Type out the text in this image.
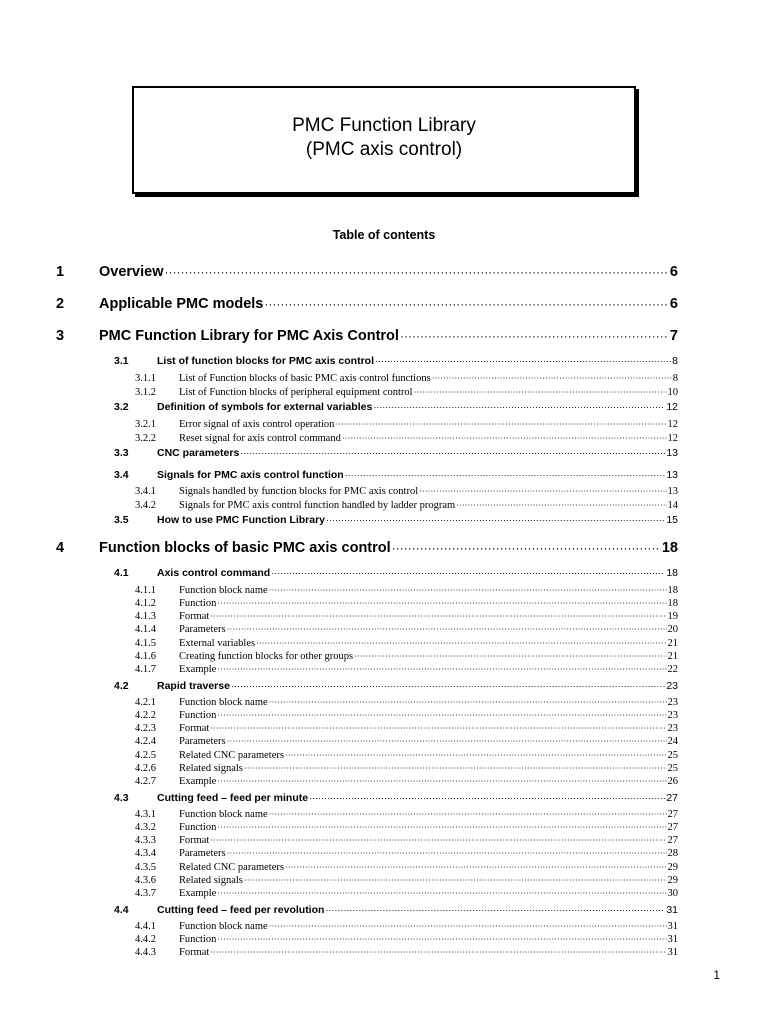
PMC Function Library
(PMC axis control)
Table of contents
1 Overview ·····	6
2 Applicable PMC models ·····	6
3 PMC Function Library for PMC Axis Control ·····	7
3.1	List of function blocks for PMC axis control ·····	8
3.1.1 List of Function blocks of basic PMC axis control functions ·····	8
3.1.2 List of Function blocks of peripheral equipment control ·····	10
3.2	Definition of symbols for external variables ·····	12
3.2.1 Error signal of axis control operation ·····	12
3.2.2 Reset signal for axis control command ·····	12
3.3	CNC parameters ·····	13
3.4	Signals for PMC axis control function ·····	13
3.4.1 Signals handled by function blocks for PMC axis control ·····	13
3.4.2 Signals for PMC axis control function handled by ladder program ·····	14
3.5	How to use PMC Function Library ·····	15
4 Function blocks of basic PMC axis control ·····	18
4.1	Axis control command ·····	18
4.1.1 Function block name ·····	18
4.1.2 Function ·····	18
4.1.3 Format ·····	19
4.1.4 Parameters ·····	20
4.1.5 External variables ·····	21
4.1.6 Creating function blocks for other groups ·····	21
4.1.7 Example ·····	22
4.2	Rapid traverse ·····	23
4.2.1 Function block name ·····	23
4.2.2 Function ·····	23
4.2.3 Format ·····	23
4.2.4 Parameters ·····	24
4.2.5 Related CNC parameters ·····	25
4.2.6 Related signals ·····	25
4.2.7 Example ·····	26
4.3	Cutting feed – feed per minute ·····	27
4.3.1 Function block name ·····	27
4.3.2 Function ·····	27
4.3.3 Format ·····	27
4.3.4 Parameters ·····	28
4.3.5 Related CNC parameters ·····	29
4.3.6 Related signals ·····	29
4.3.7 Example ·····	30
4.4	Cutting feed – feed per revolution ·····	31
4.4.1 Function block name ·····	31
4.4.2 Function ·····	31
4.4.3 Format ·····	31
1
